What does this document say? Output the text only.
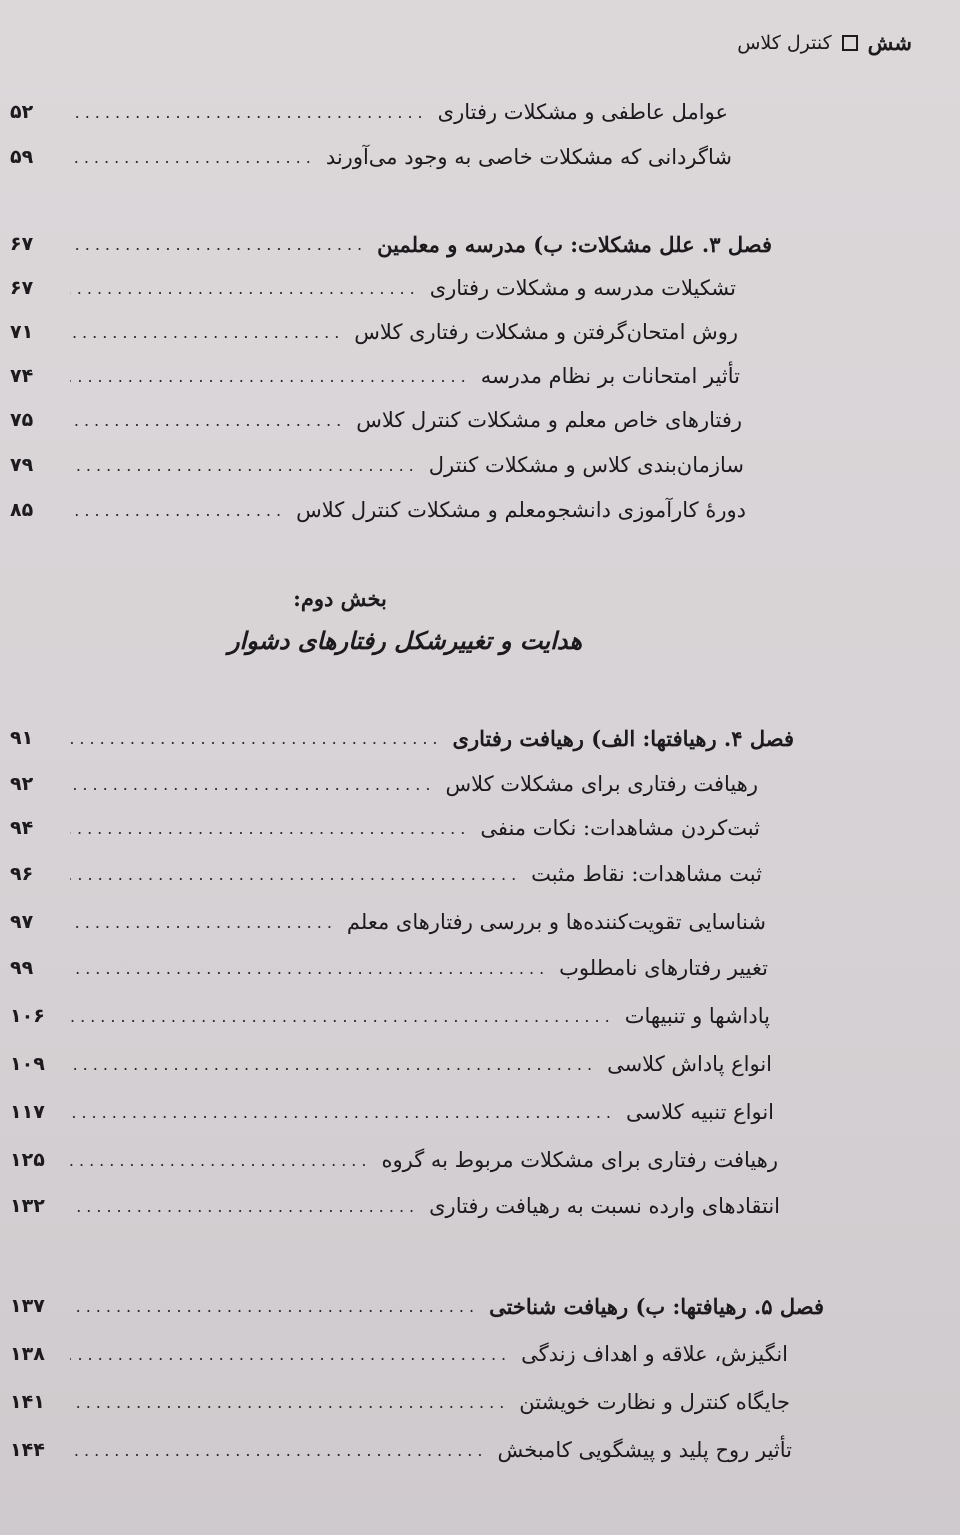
شش
کنترل کلاس
عوامل عاطفی و مشکلات رفتاری
.....
۵۲
شاگردانی که مشکلات خاصی به وجود می‌آورند
.....
۵۹
فصل ۳. علل مشکلات: ب) مدرسه و معلمین
.....
۶۷
تشکیلات مدرسه و مشکلات رفتاری
.....
۶۷
روش امتحان‌گرفتن و مشکلات رفتاری کلاس
.....
۷۱
تأثیر امتحانات بر نظام مدرسه
.....
۷۴
رفتارهای خاص معلم و مشکلات کنترل کلاس
.....
۷۵
سازمان‌بندی کلاس و مشکلات کنترل
.....
۷۹
دورهٔ کارآموزی دانشجومعلم و مشکلات کنترل کلاس
.....
۸۵
بخش دوم:
هدایت و تغییرشکل رفتارهای دشوار
فصل ۴. رهیافتها: الف) رهیافت رفتاری
.....
۹۱
رهیافت رفتاری برای مشکلات کلاس
.....
۹۲
ثبت‌کردن مشاهدات: نکات منفی
.....
۹۴
ثبت مشاهدات: نقاط مثبت
.....
۹۶
شناسایی تقویت‌کننده‌ها و بررسی رفتارهای معلم
.....
۹۷
تغییر رفتارهای نامطلوب
.....
۹۹
پاداشها و تنبیهات
.....
۱۰۶
انواع پاداش کلاسی
.....
۱۰۹
انواع تنبیه کلاسی
.....
۱۱۷
رهیافت رفتاری برای مشکلات مربوط به گروه
.....
۱۲۵
انتقادهای وارده نسبت به رهیافت رفتاری
.....
۱۳۲
فصل ۵. رهیافتها: ب) رهیافت شناختی
.....
۱۳۷
انگیزش، علاقه و اهداف زندگی
.....
۱۳۸
جایگاه کنترل و نظارت خویشتن
.....
۱۴۱
تأثیر روح پلید و پیشگویی کامبخش
.....
۱۴۴
